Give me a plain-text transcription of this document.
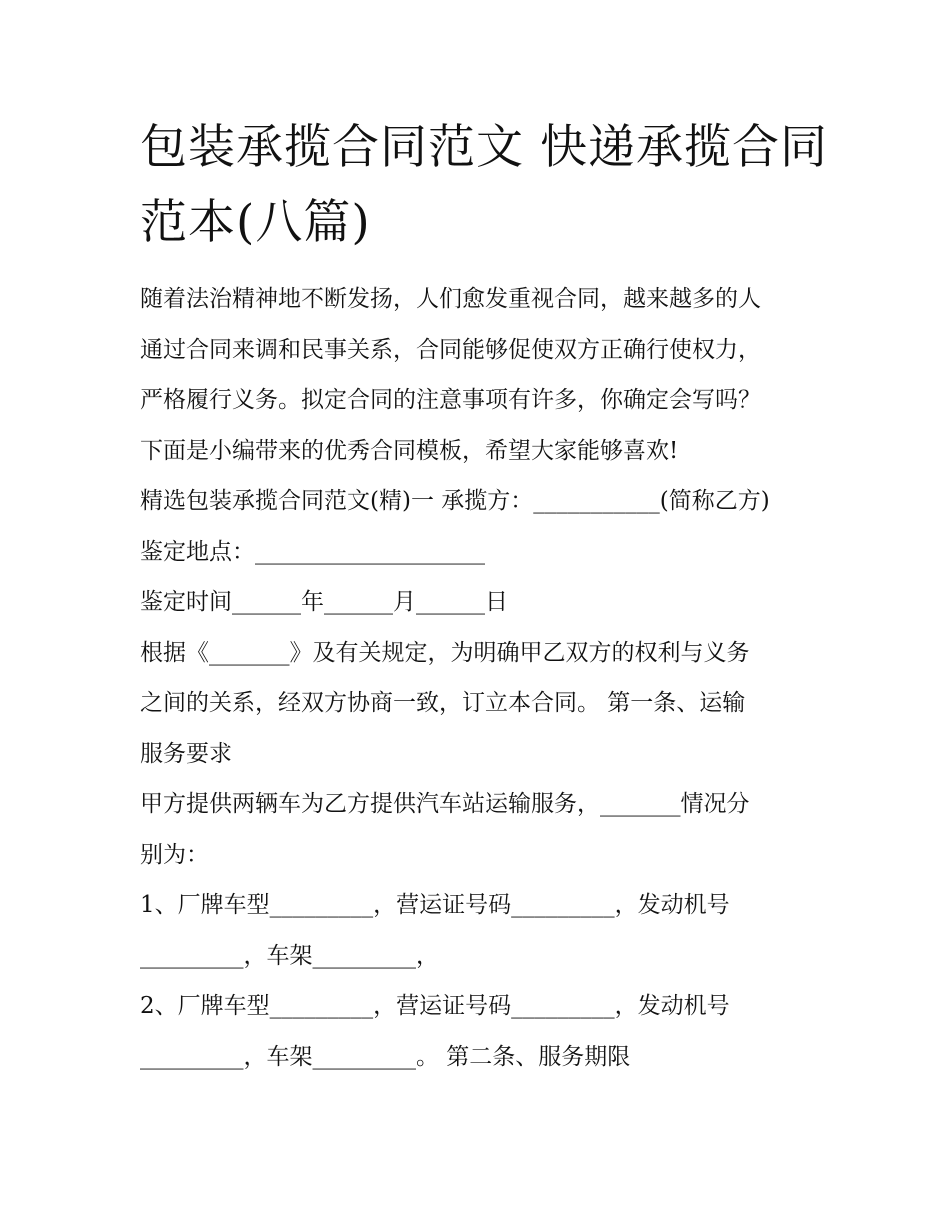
包装承揽合同范文 快递承揽合同范本(八篇)

随着法治精神地不断发扬，人们愈发重视合同，越来越多的人

通过合同来调和民事关系，合同能够促使双方正确行使权力，

严格履行义务。拟定合同的注意事项有许多，你确定会写吗？

下面是小编带来的优秀合同模板，希望大家能够喜欢!

精选包装承揽合同范文(精)一 承揽方：___________(简称乙方)

鉴定地点：____________________

鉴定时间______年______月______日

根据《_______》及有关规定，为明确甲乙双方的权利与义务

之间的关系，经双方协商一致，订立本合同。 第一条、运输

服务要求

甲方提供两辆车为乙方提供汽车站运输服务，_______情况分

别为：

1、厂牌车型_________，营运证号码_________，发动机号

_________，车架_________，

2、厂牌车型_________，营运证号码_________，发动机号

_________，车架_________。 第二条、服务期限
